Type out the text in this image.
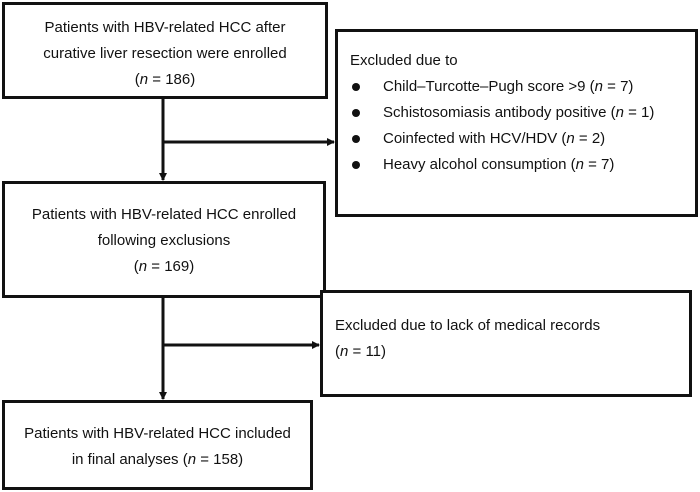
Patients with HBV-related HCC after
curative liver resection were enrolled
(n = 186)
Excluded due to
Child–Turcotte–Pugh score >9 (n = 7)
Schistosomiasis antibody positive (n = 1)
Coinfected with HCV/HDV (n = 2)
Heavy alcohol consumption (n = 7)
Patients with HBV-related HCC enrolled
following exclusions
(n = 169)
Excluded due to lack of medical records
(n = 11)
Patients with HBV-related HCC included
in final analyses (n = 158)
